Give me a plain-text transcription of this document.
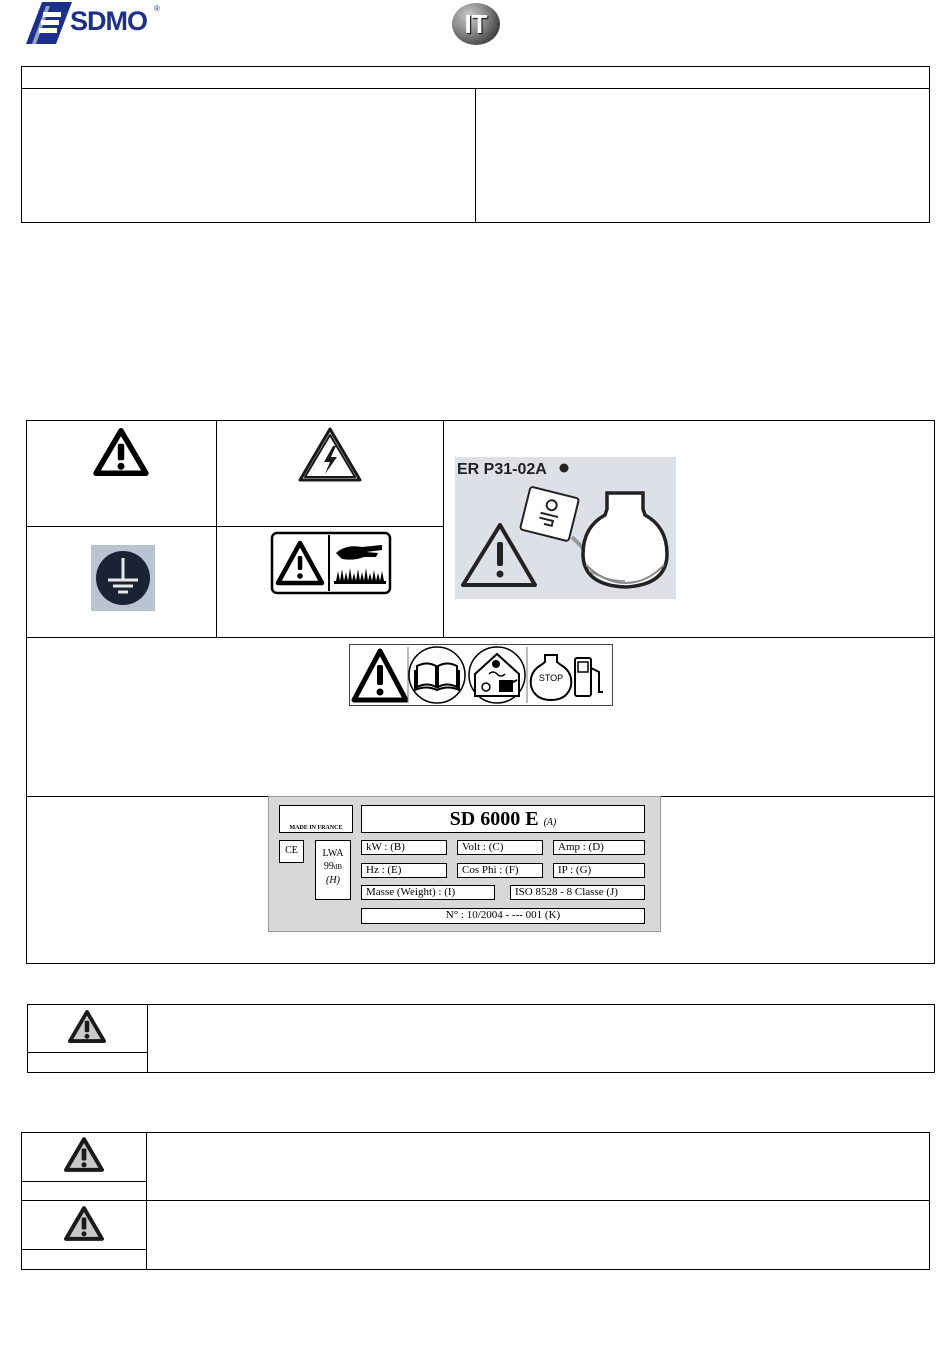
SDMO ®	IT
ER P31-02A
STOP
MADE IN FRANCE
CE	LWA
99dB
(H)
SD 6000 E (A)
kW : (B)	Volt : (C)	Amp : (D)
Hz : (E)	Cos Phi : (F)	IP : (G)
Masse (Weight) : (I)	ISO 8528 - 8 Classe (J)
N° : 10/2004 - --- 001 (K)
